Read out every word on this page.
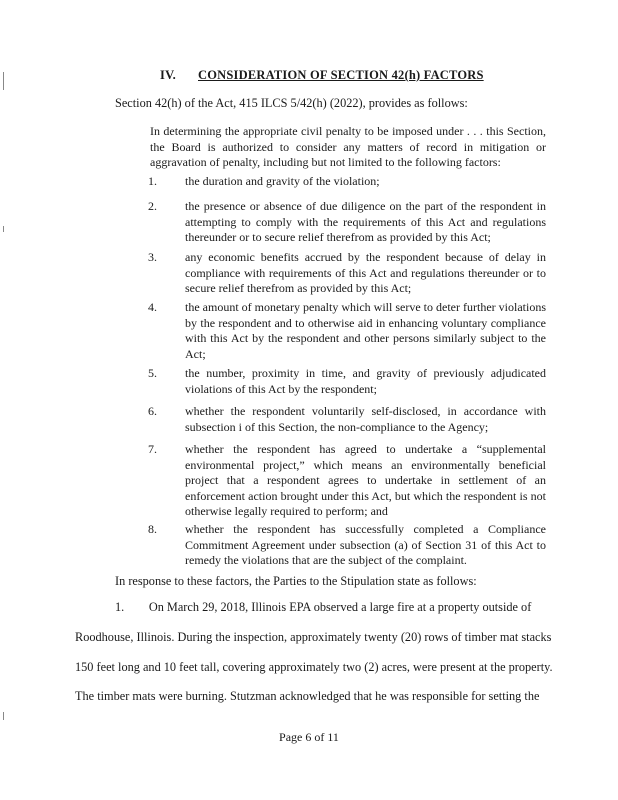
IV. CONSIDERATION OF SECTION 42(h) FACTORS
Section 42(h) of the Act, 415 ILCS 5/42(h) (2022), provides as follows:
In determining the appropriate civil penalty to be imposed under . . . this Section, the Board is authorized to consider any matters of record in mitigation or aggravation of penalty, including but not limited to the following factors:
1. the duration and gravity of the violation;
2. the presence or absence of due diligence on the part of the respondent in attempting to comply with the requirements of this Act and regulations thereunder or to secure relief therefrom as provided by this Act;
3. any economic benefits accrued by the respondent because of delay in compliance with requirements of this Act and regulations thereunder or to secure relief therefrom as provided by this Act;
4. the amount of monetary penalty which will serve to deter further violations by the respondent and to otherwise aid in enhancing voluntary compliance with this Act by the respondent and other persons similarly subject to the Act;
5. the number, proximity in time, and gravity of previously adjudicated violations of this Act by the respondent;
6. whether the respondent voluntarily self-disclosed, in accordance with subsection i of this Section, the non-compliance to the Agency;
7. whether the respondent has agreed to undertake a “supplemental environmental project,” which means an environmentally beneficial project that a respondent agrees to undertake in settlement of an enforcement action brought under this Act, but which the respondent is not otherwise legally required to perform; and
8. whether the respondent has successfully completed a Compliance Commitment Agreement under subsection (a) of Section 31 of this Act to remedy the violations that are the subject of the complaint.
In response to these factors, the Parties to the Stipulation state as follows:
1.        On March 29, 2018, Illinois EPA observed a large fire at a property outside of
Roodhouse, Illinois. During the inspection, approximately twenty (20) rows of timber mat stacks
150 feet long and 10 feet tall, covering approximately two (2) acres, were present at the property.
The timber mats were burning. Stutzman acknowledged that he was responsible for setting the
Page 6 of 11
